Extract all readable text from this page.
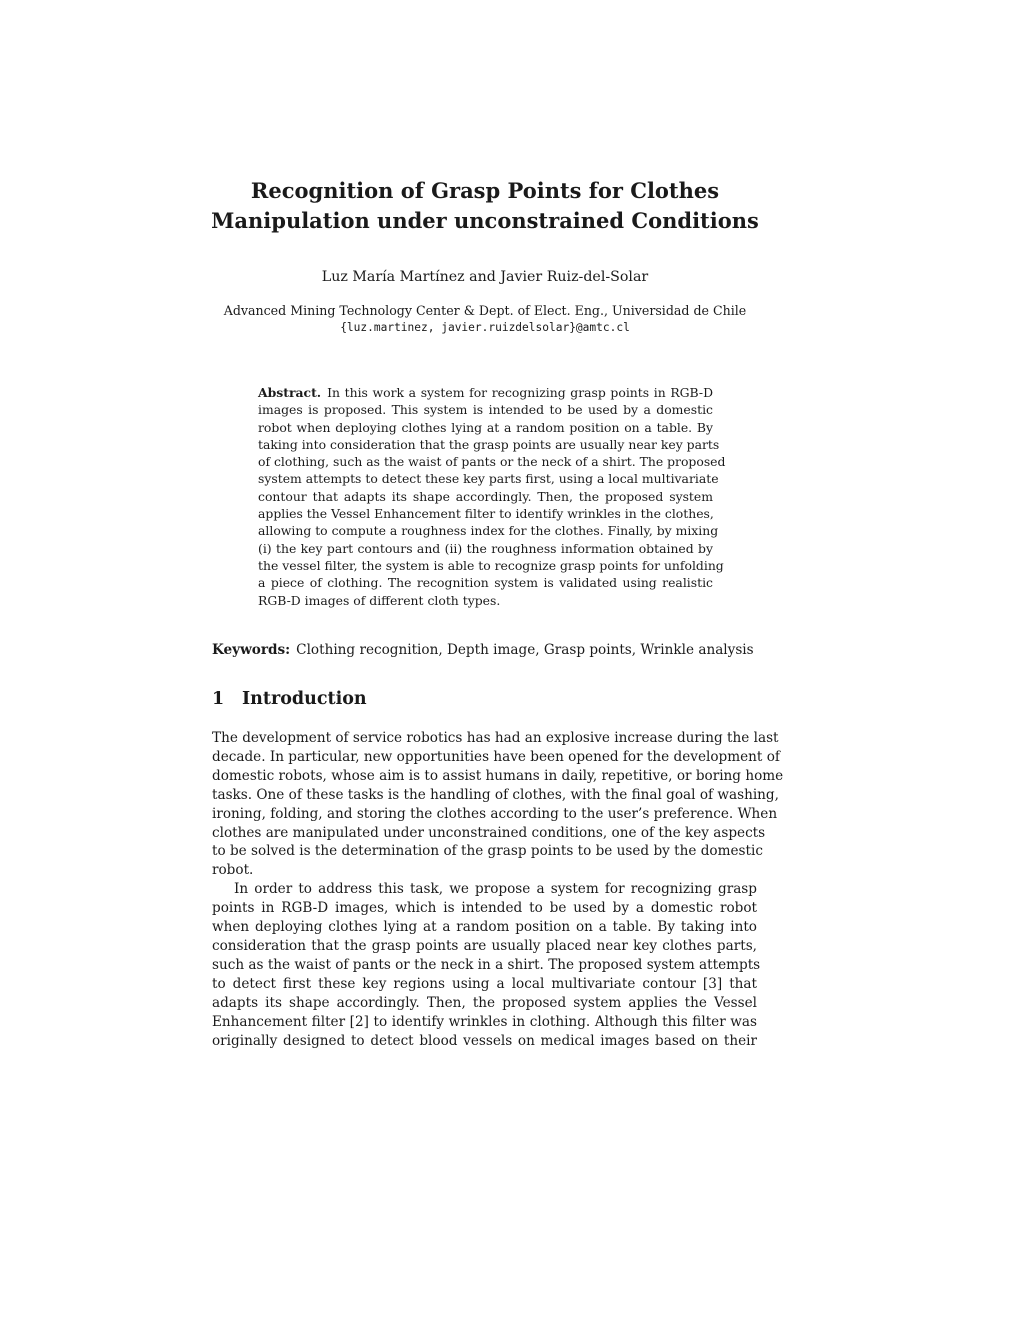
Recognition of Grasp Points for Clothes
Manipulation under unconstrained Conditions
Luz María Martínez and Javier Ruiz-del-Solar
Advanced Mining Technology Center & Dept. of Elect. Eng., Universidad de Chile
{luz.martinez, javier.ruizdelsolar}@amtc.cl
Abstract. In this work a system for recognizing grasp points in RGB-D
images is proposed. This system is intended to be used by a domestic
robot when deploying clothes lying at a random position on a table. By
taking into consideration that the grasp points are usually near key parts
of clothing, such as the waist of pants or the neck of a shirt. The proposed
system attempts to detect these key parts first, using a local multivariate
contour that adapts its shape accordingly. Then, the proposed system
applies the Vessel Enhancement filter to identify wrinkles in the clothes,
allowing to compute a roughness index for the clothes. Finally, by mixing
(i) the key part contours and (ii) the roughness information obtained by
the vessel filter, the system is able to recognize grasp points for unfolding
a piece of clothing. The recognition system is validated using realistic
RGB-D images of different cloth types.
Keywords: Clothing recognition, Depth image, Grasp points, Wrinkle analysis
1 Introduction
The development of service robotics has had an explosive increase during the last
decade. In particular, new opportunities have been opened for the development of
domestic robots, whose aim is to assist humans in daily, repetitive, or boring home
tasks. One of these tasks is the handling of clothes, with the final goal of washing,
ironing, folding, and storing the clothes according to the user’s preference. When
clothes are manipulated under unconstrained conditions, one of the key aspects
to be solved is the determination of the grasp points to be used by the domestic
robot.
In order to address this task, we propose a system for recognizing grasp
points in RGB-D images, which is intended to be used by a domestic robot
when deploying clothes lying at a random position on a table. By taking into
consideration that the grasp points are usually placed near key clothes parts,
such as the waist of pants or the neck in a shirt. The proposed system attempts
to detect first these key regions using a local multivariate contour [3] that
adapts its shape accordingly. Then, the proposed system applies the Vessel
Enhancement filter [2] to identify wrinkles in clothing. Although this filter was
originally designed to detect blood vessels on medical images based on their
